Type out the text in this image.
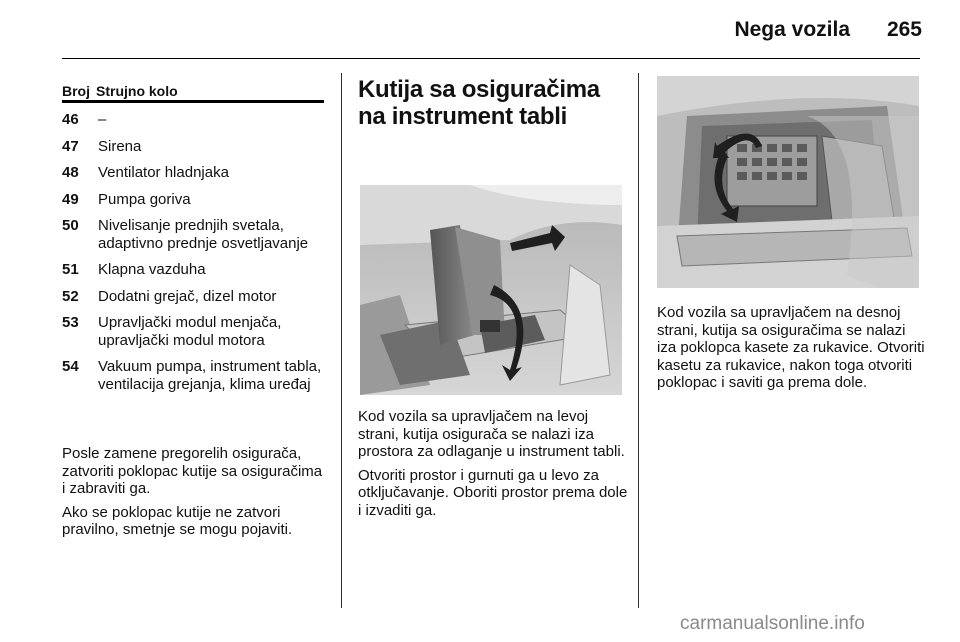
Nega vozila	265
Broj Strujno kolo
46	–
47	Sirena
48	Ventilator hladnjaka
49	Pumpa goriva
50	Nivelisanje prednjih svetala, adaptivno prednje osvetljavanje
51	Klapna vazduha
52	Dodatni grejač, dizel motor
53	Upravljački modul menjača, upravljački modul motora
54	Vakuum pumpa, instrument tabla, ventilacija grejanja, klima uređaj
Posle zamene pregorelih osigurača, zatvoriti poklopac kutije sa osiguračima i zabraviti ga.
Ako se poklopac kutije ne zatvori pravilno, smetnje se mogu pojaviti.
Kutija sa osiguračima na instrument tabli
Kod vozila sa upravljačem na levoj strani, kutija osigurača se nalazi iza prostora za odlaganje u instrument tabli.
Otvoriti prostor i gurnuti ga u levo za otključavanje. Oboriti prostor prema dole i izvaditi ga.
Kod vozila sa upravljačem na desnoj strani, kutija sa osiguračima se nalazi iza poklopca kasete za rukavice. Otvoriti kasetu za rukavice, nakon toga otvoriti poklopac i saviti ga prema dole.
carmanualsonline.info
